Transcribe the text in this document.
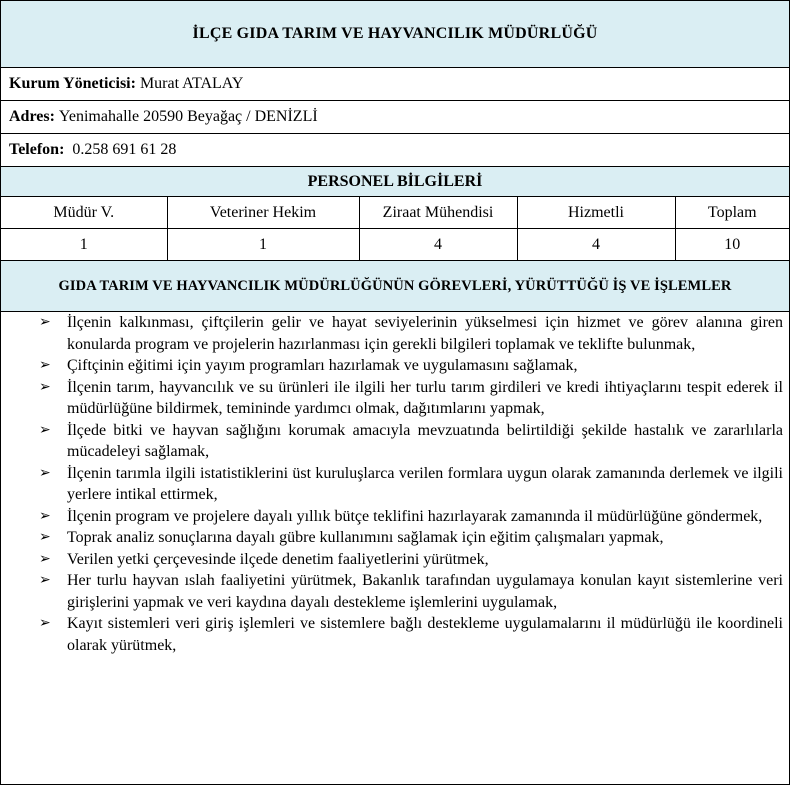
İLÇE GIDA TARIM VE HAYVANCILIK MÜDÜRLÜĞÜ
Kurum Yöneticisi: Murat ATALAY
Adres: Yenimahalle 20590 Beyağaç / DENİZLİ
Telefon: 0.258 691 61 28
PERSONEL BİLGİLERİ
Müdür V.	Veteriner Hekim	Ziraat Mühendisi	Hizmetli	Toplam
1	1	4	4	10
GIDA TARIM VE HAYVANCILIK MÜDÜRLÜĞÜNÜN GÖREVLERİ, YÜRÜTTÜĞÜ İŞ VE İŞLEMLER
➢ İlçenin kalkınması, çiftçilerin gelir ve hayat seviyelerinin yükselmesi için hizmet ve görev alanına giren konularda program ve projelerin hazırlanması için gerekli bilgileri toplamak ve teklifte bulunmak,
➢ Çiftçinin eğitimi için yayım programları hazırlamak ve uygulamasını sağlamak,
➢ İlçenin tarım, hayvancılık ve su ürünleri ile ilgili her turlu tarım girdileri ve kredi ihtiyaçlarını tespit ederek il müdürlüğüne bildirmek, temininde yardımcı olmak, dağıtımlarını yapmak,
➢ İlçede bitki ve hayvan sağlığını korumak amacıyla mevzuatında belirtildiği şekilde hastalık ve zararlılarla mücadeleyi sağlamak,
➢ İlçenin tarımla ilgili istatistiklerini üst kuruluşlarca verilen formlara uygun olarak zamanında derlemek ve ilgili yerlere intikal ettirmek,
➢ İlçenin program ve projelere dayalı yıllık bütçe teklifini hazırlayarak zamanında il müdürlüğüne göndermek,
➢ Toprak analiz sonuçlarına dayalı gübre kullanımını sağlamak için eğitim çalışmaları yapmak,
➢ Verilen yetki çerçevesinde ilçede denetim faaliyetlerini yürütmek,
➢ Her turlu hayvan ıslah faaliyetini yürütmek, Bakanlık tarafından uygulamaya konulan kayıt sistemlerine veri girişlerini yapmak ve veri kaydına dayalı destekleme işlemlerini uygulamak,
➢ Kayıt sistemleri veri giriş işlemleri ve sistemlere bağlı destekleme uygulamalarını il müdürlüğü ile koordineli olarak yürütmek,
